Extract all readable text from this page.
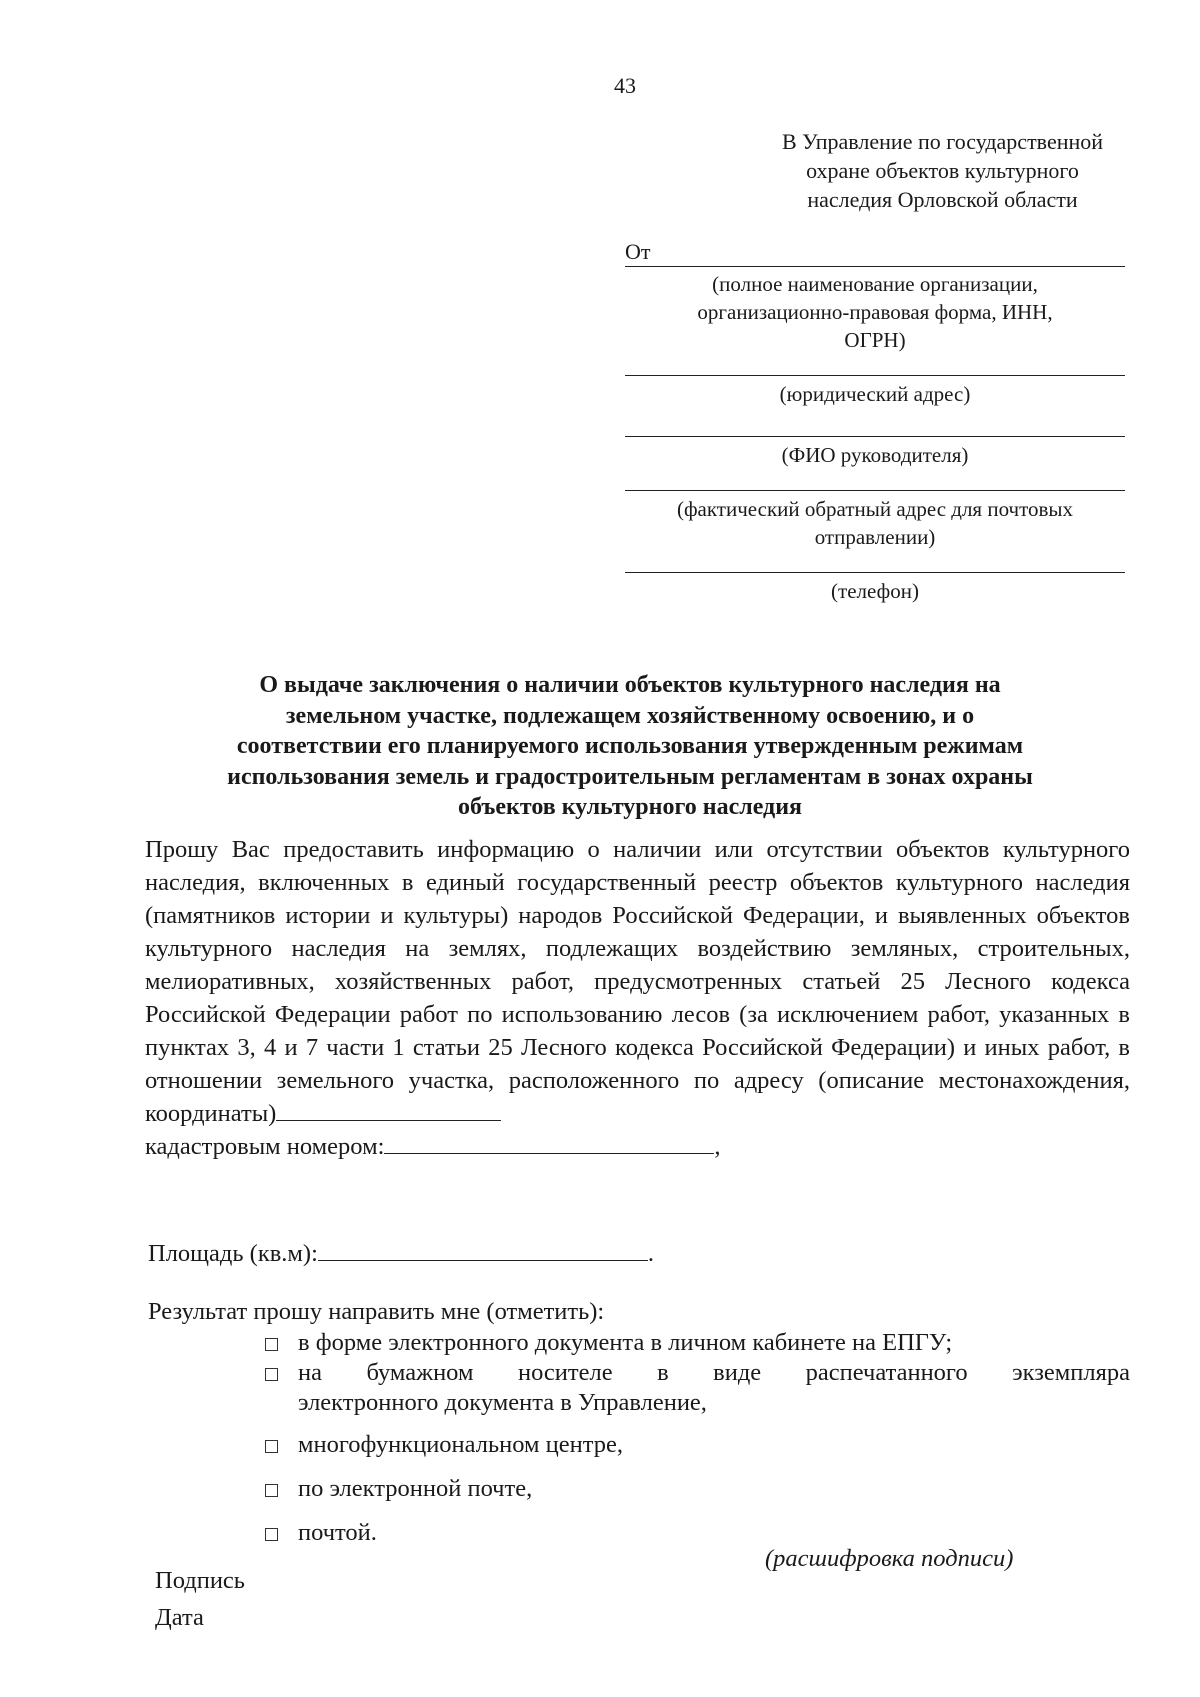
43
В Управление по государственной
охране объектов культурного
наследия Орловской области
От
(полное наименование организации,
организационно-правовая форма, ИНН,
ОГРН)
(юридический адрес)
(ФИО руководителя)
(фактический обратный адрес для почтовых
отправлении)
(телефон)
О выдаче заключения о наличии объектов культурного наследия на
земельном участке, подлежащем хозяйственному освоению, и о
соответствии его планируемого использования утвержденным режимам
использования земель и градостроительным регламентам в зонах охраны
объектов культурного наследия
Прошу Вас предоставить информацию о наличии или отсутствии объектов культурного наследия, включенных в единый государственный реестр объектов культурного наследия (памятников истории и культуры) народов Российской Федерации, и выявленных объектов культурного наследия на землях, подлежащих воздействию земляных, строительных, мелиоративных, хозяйственных работ, предусмотренных статьей 25 Лесного кодекса Российской Федерации работ по использованию лесов (за исключением работ, указанных в пунктах 3, 4 и 7 части 1 статьи 25 Лесного кодекса Российской Федерации) и иных работ, в отношении земельного участка, расположенного по адресу (описание местонахождения, координаты)
кадастровым номером:	,
Площадь (кв.м):	.
Результат прошу направить мне (отметить):
в форме электронного документа в личном кабинете на ЕПГУ;
на бумажном носителе в виде распечатанного экземпляра
электронного документа в Управление,
многофункциональном центре,
по электронной почте,
почтой.
(расшифровка подписи)
Подпись
Дата
